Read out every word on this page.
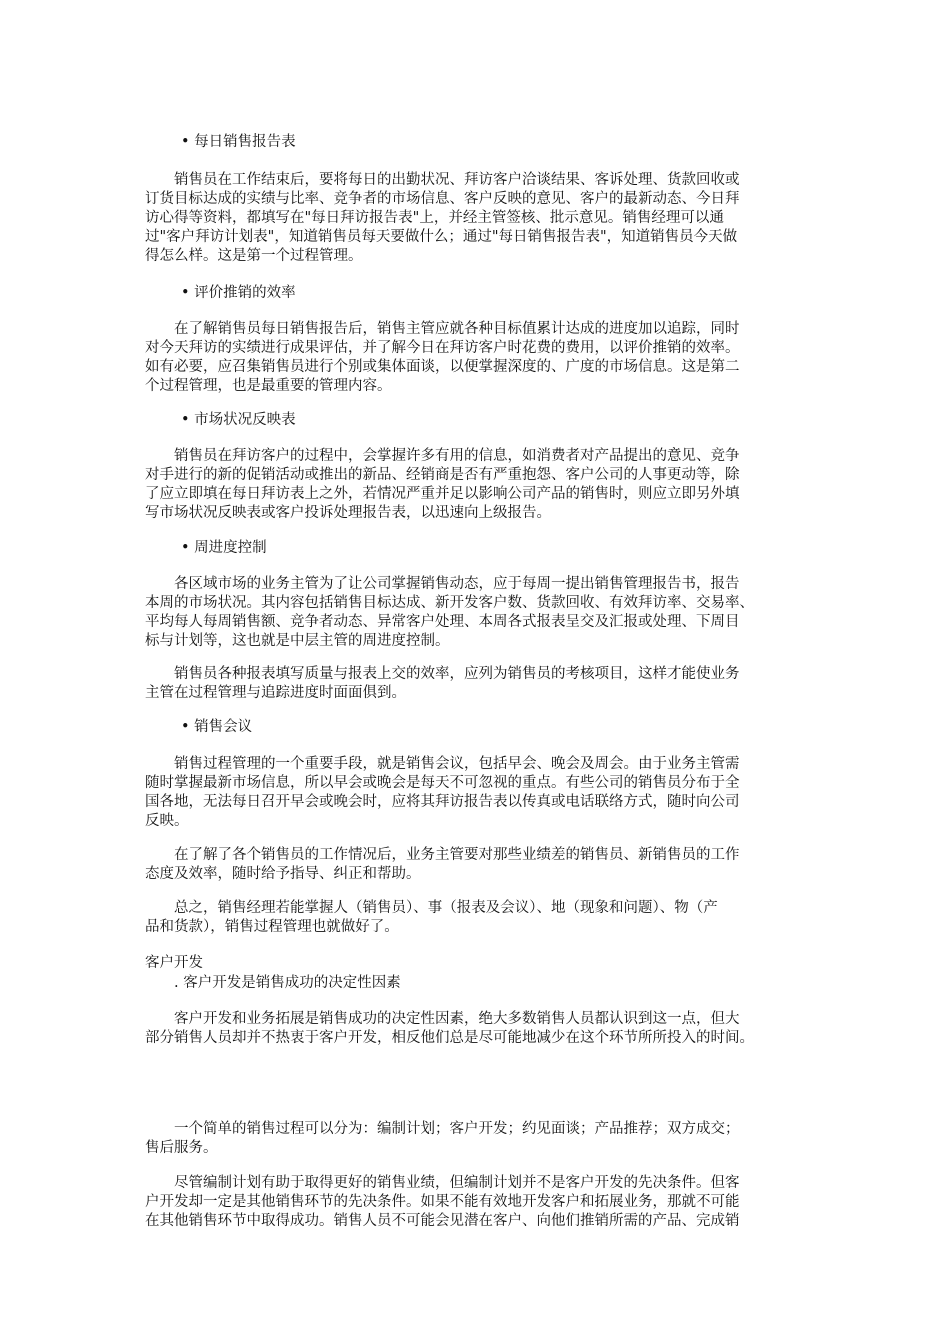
• 每日销售报告表

　　销售员在工作结束后，要将每日的出勤状况、拜访客户洽谈结果、客诉处理、货款回收或
订货目标达成的实绩与比率、竞争者的市场信息、客户反映的意见、客户的最新动态、今日拜
访心得等资料，都填写在"每日拜访报告表"上，并经主管签核、批示意见。销售经理可以通
过"客户拜访计划表"，知道销售员每天要做什么；通过"每日销售报告表"，知道销售员今天做
得怎么样。这是第一个过程管理。

• 评价推销的效率

　　在了解销售员每日销售报告后，销售主管应就各种目标值累计达成的进度加以追踪，同时
对今天拜访的实绩进行成果评估，并了解今日在拜访客户时花费的费用，以评价推销的效率。
如有必要，应召集销售员进行个别或集体面谈，以便掌握深度的、广度的市场信息。这是第二
个过程管理，也是最重要的管理内容。

• 市场状况反映表

　　销售员在拜访客户的过程中，会掌握许多有用的信息，如消费者对产品提出的意见、竞争
对手进行的新的促销活动或推出的新品、经销商是否有严重抱怨、客户公司的人事更动等，除
了应立即填在每日拜访表上之外，若情况严重并足以影响公司产品的销售时，则应立即另外填
写市场状况反映表或客户投诉处理报告表，以迅速向上级报告。

• 周进度控制

　　各区域市场的业务主管为了让公司掌握销售动态，应于每周一提出销售管理报告书，报告
本周的市场状况。其内容包括销售目标达成、新开发客户数、货款回收、有效拜访率、交易率、
平均每人每周销售额、竞争者动态、异常客户处理、本周各式报表呈交及汇报或处理、下周目
标与计划等，这也就是中层主管的周进度控制。

　　销售员各种报表填写质量与报表上交的效率，应列为销售员的考核项目，这样才能使业务
主管在过程管理与追踪进度时面面俱到。

• 销售会议

　　销售过程管理的一个重要手段，就是销售会议，包括早会、晚会及周会。由于业务主管需
随时掌握最新市场信息，所以早会或晚会是每天不可忽视的重点。有些公司的销售员分布于全
国各地，无法每日召开早会或晚会时，应将其拜访报告表以传真或电话联络方式，随时向公司
反映。

　　在了解了各个销售员的工作情况后，业务主管要对那些业绩差的销售员、新销售员的工作
态度及效率，随时给予指导、纠正和帮助。

　　总之，销售经理若能掌握人（销售员）、事（报表及会议）、地（现象和问题）、物（产
品和货款），销售过程管理也就做好了。

客户开发
　　. 客户开发是销售成功的决定性因素

　　客户开发和业务拓展是销售成功的决定性因素，绝大多数销售人员都认识到这一点，但大
部分销售人员却并不热衷于客户开发，相反他们总是尽可能地减少在这个环节所所投入的时间。

　　一个简单的销售过程可以分为：编制计划；客户开发；约见面谈；产品推荐；双方成交；
售后服务。

　　尽管编制计划有助于取得更好的销售业绩，但编制计划并不是客户开发的先决条件。但客
户开发却一定是其他销售环节的先决条件。如果不能有效地开发客户和拓展业务，那就不可能
在其他销售环节中取得成功。销售人员不可能会见潜在客户、向他们推销所需的产品、完成销
